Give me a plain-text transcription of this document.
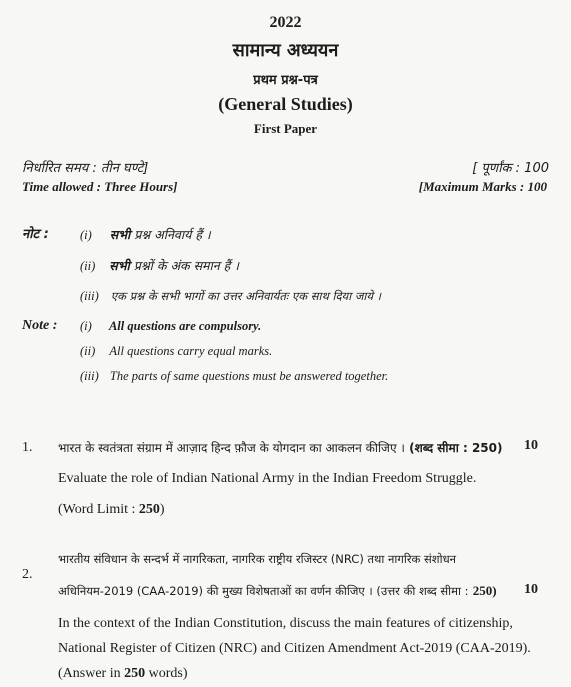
2022
सामान्य अध्ययन
प्रथम प्रश्न-पत्र
(General Studies)
First Paper
निर्धारित समय : तीन घण्टे]	[ पूर्णांक : 100
Time allowed : Three Hours]	[Maximum Marks : 100
नोट : (i) सभी प्रश्न अनिवार्य हैं ।
(ii) सभी प्रश्नों के अंक समान हैं ।
(iii) एक प्रश्न के सभी भागों का उत्तर अनिवार्यतः एक साथ दिया जाये ।
Note : (i) All questions are compulsory.
(ii) All questions carry equal marks.
(iii) The parts of same questions must be answered together.
1. भारत के स्वतंत्रता संग्राम में आज़ाद हिन्द फ़ौज के योगदान का आकलन कीजिए । (शब्द सीमा : 250) 10
Evaluate the role of Indian National Army in the Indian Freedom Struggle.
(Word Limit : 250)
2.
भारतीय संविधान के सन्दर्भ में नागरिकता, नागरिक राष्ट्रीय रजिस्टर (NRC) तथा नागरिक संशोधन
अधिनियम-2019 (CAA-2019) की मुख्य विशेषताओं का वर्णन कीजिए । (उत्तर की शब्द सीमा : 250) 10
In the context of the Indian Constitution, discuss the main features of citizenship,
National Register of Citizen (NRC) and Citizen Amendment Act-2019 (CAA-2019).
(Answer in 250 words)
